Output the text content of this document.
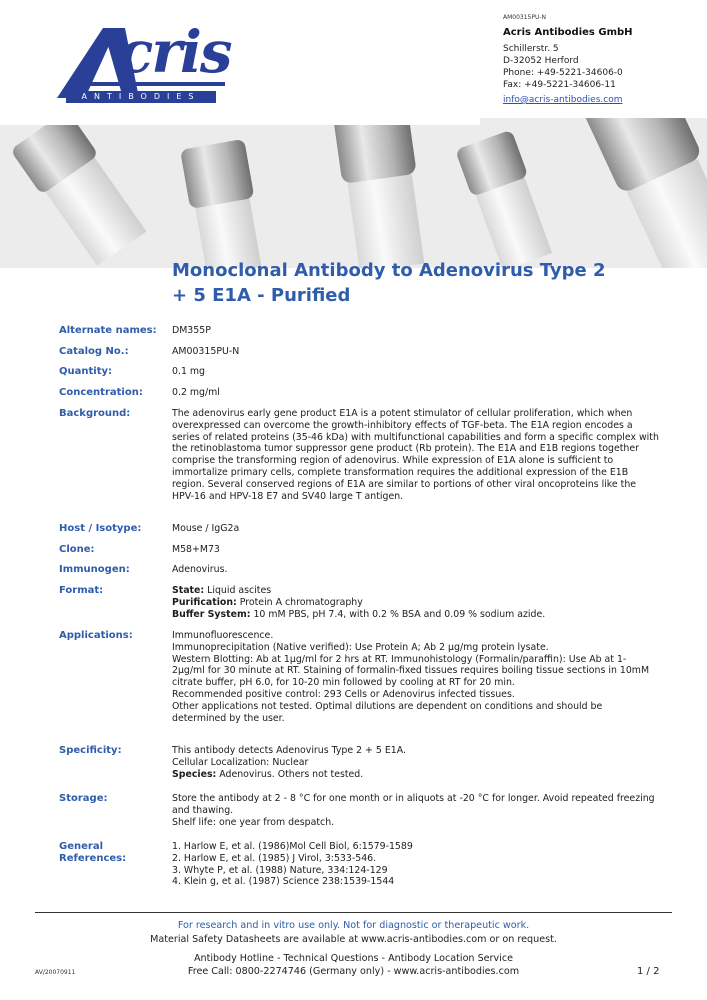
cris
ANTIBODIES
AM00315PU-N
Acris Antibodies GmbH
Schillerstr. 5
D-32052 Herford
Phone: +49-5221-34606-0
Fax: +49-5221-34606-11
info@acris-antibodies.com
Monoclonal Antibody to Adenovirus Type 2
+ 5 E1A - Purified
Alternate names:	DM355P
Catalog No.:	AM00315PU-N
Quantity:	0.1 mg
Concentration:	0.2 mg/ml
Background:	The adenovirus early gene product E1A is a potent stimulator of cellular proliferation, which when overexpressed can overcome the growth-inhibitory effects of TGF-beta. The E1A region encodes a series of related proteins (35-46 kDa) with multifunctional capabilities and form a specific complex with the retinoblastoma tumor suppressor gene product (Rb protein). The E1A and E1B regions together comprise the transforming region of adenovirus. While expression of E1A alone is sufficient to immortalize primary cells, complete transformation requires the additional expression of the E1B region. Several conserved regions of E1A are similar to portions of other viral oncoproteins like the HPV-16 and HPV-18 E7 and SV40 large T antigen.
Host / Isotype:	Mouse / IgG2a
Clone:	M58+M73
Immunogen:	Adenovirus.
Format:	State: Liquid ascites
Purification: Protein A chromatography
Buffer System: 10 mM PBS, pH 7.4, with 0.2 % BSA and 0.09 % sodium azide.
Applications:	Immunofluorescence.
Immunoprecipitation (Native verified): Use Protein A; Ab 2 µg/mg protein lysate.
Western Blotting: Ab at 1µg/ml for 2 hrs at RT. Immunohistology (Formalin/paraffin): Use Ab at 1-2µg/ml for 30 minute at RT. Staining of formalin-fixed tissues requires boiling tissue sections in 10mM citrate buffer, pH 6.0, for 10-20 min followed by cooling at RT for 20 min.
Recommended positive control: 293 Cells or Adenovirus infected tissues.
Other applications not tested. Optimal dilutions are dependent on conditions and should be determined by the user.
Specificity:	This antibody detects Adenovirus Type 2 + 5 E1A.
Cellular Localization: Nuclear
Species: Adenovirus. Others not tested.
Storage:	Store the antibody at 2 - 8 °C for one month or in aliquots at -20 °C for longer. Avoid repeated freezing and thawing.
Shelf life: one year from despatch.
General
References:
1. Harlow E, et al. (1986)Mol Cell Biol, 6:1579-1589
2. Harlow E, et al. (1985) J Virol, 3:533-546.
3. Whyte P, et al. (1988) Nature, 334:124-129
4. Klein g, et al. (1987) Science 238:1539-1544
For research and in vitro use only. Not for diagnostic or therapeutic work.
Material Safety Datasheets are available at www.acris-antibodies.com or on request.
Antibody Hotline - Technical Questions - Antibody Location Service
Free Call: 0800-2274746 (Germany only) - www.acris-antibodies.com
AV/20070911	1 / 2
